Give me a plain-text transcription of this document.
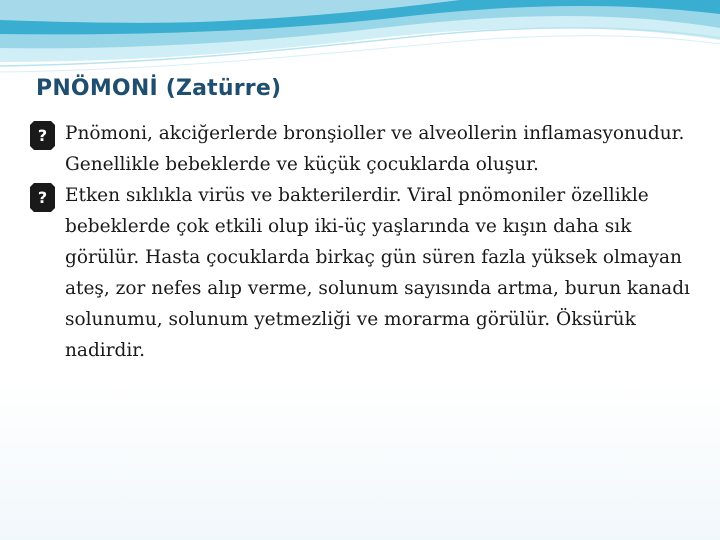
PNÖMONİ (Zatürre)
? Pnömoni, akciğerlerde bronşioller ve alveollerin inflamasyonudur. Genellikle bebeklerde ve küçük çocuklarda oluşur.
? Etken sıklıkla virüs ve bakterilerdir. Viral pnömoniler özellikle bebeklerde çok etkili olup iki-üç yaşlarında ve kışın daha sık görülür. Hasta çocuklarda birkaç gün süren fazla yüksek olmayan ateş, zor nefes alıp verme, solunum sayısında artma, burun kanadı solunumu, solunum yetmezliği ve morarma görülür. Öksürük nadirdir.
